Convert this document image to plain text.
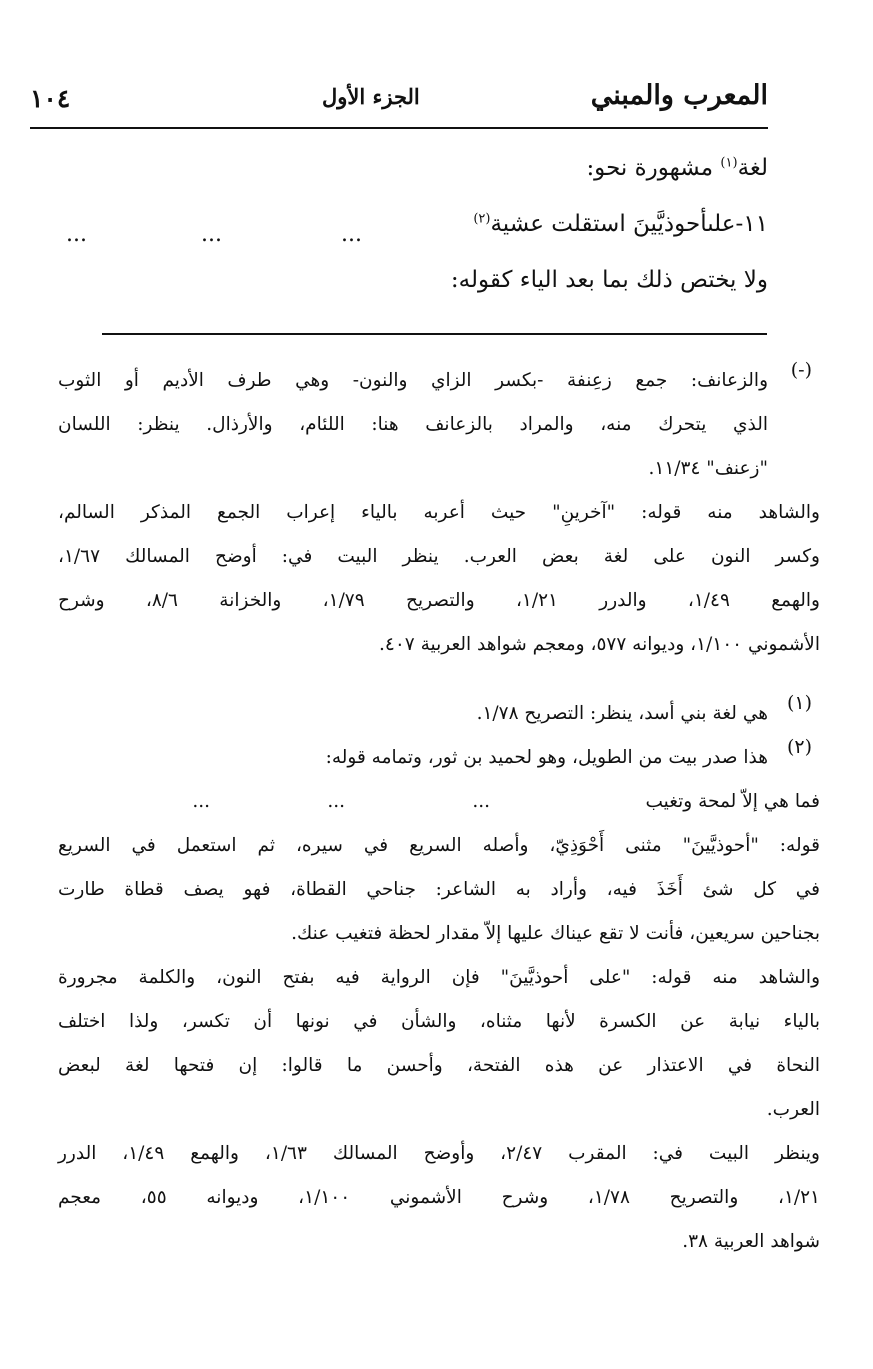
المعرب والمبني
الجزء الأول
١٠٤
لغة$^{(١)}$ مشهورة نحو:
١١-علىأحوذيَّينَ استقلت عشية$^{(٢)}$
...
...
...
ولا يختص ذلك بما بعد الياء كقوله:
(-)
والزعانف: جمع زعِنفة -بكسر الزاي والنون- وهي طرف الأديم أو الثوب
الذي يتحرك منه، والمراد بالزعانف هنا: اللئام، والأرذال. ينظر: اللسان
"زعنف" ١١/٣٤.
والشاهد منه قوله: "آخرينِ" حيث أعربه بالياء إعراب الجمع المذكر السالم،
وكسر النون على لغة بعض العرب. ينظر البيت في: أوضح المسالك ١/٦٧،
والهمع ١/٤٩، والدرر ١/٢١، والتصريح ١/٧٩، والخزانة ٨/٦، وشرح
الأشموني ١/١٠٠، وديوانه ٥٧٧، ومعجم شواهد العربية ٤٠٧.
(١)
هي لغة بني أسد، ينظر: التصريح ١/٧٨.
(٢)
هذا صدر بيت من الطويل، وهو لحميد بن ثور، وتمامه قوله:
فما هي إلاّ لمحة وتغيب
...
...
...
قوله: "أحوذيَّينَ" مثنى أَحْوَذِيّ، وأصله السريع في سيره، ثم استعمل في السريع
في كل شئ أَخَذَ فيه، وأراد به الشاعر: جناحي القطاة، فهو يصف قطاة طارت
بجناحين سريعين، فأنت لا تقع عيناك عليها إلاّ مقدار لحظة فتغيب عنك.
والشاهد منه قوله: "على أحوذيَّينَ" فإن الرواية فيه بفتح النون، والكلمة مجرورة
بالياء نيابة عن الكسرة لأنها مثناه، والشأن في نونها أن تكسر، ولذا اختلف
النحاة في الاعتذار عن هذه الفتحة، وأحسن ما قالوا: إن فتحها لغة لبعض
العرب.
وينظر البيت في: المقرب ٢/٤٧، وأوضح المسالك ١/٦٣، والهمع ١/٤٩، الدرر
١/٢١، والتصريح ١/٧٨، وشرح الأشموني ١/١٠٠، وديوانه ٥٥، معجم
شواهد العربية ٣٨.
